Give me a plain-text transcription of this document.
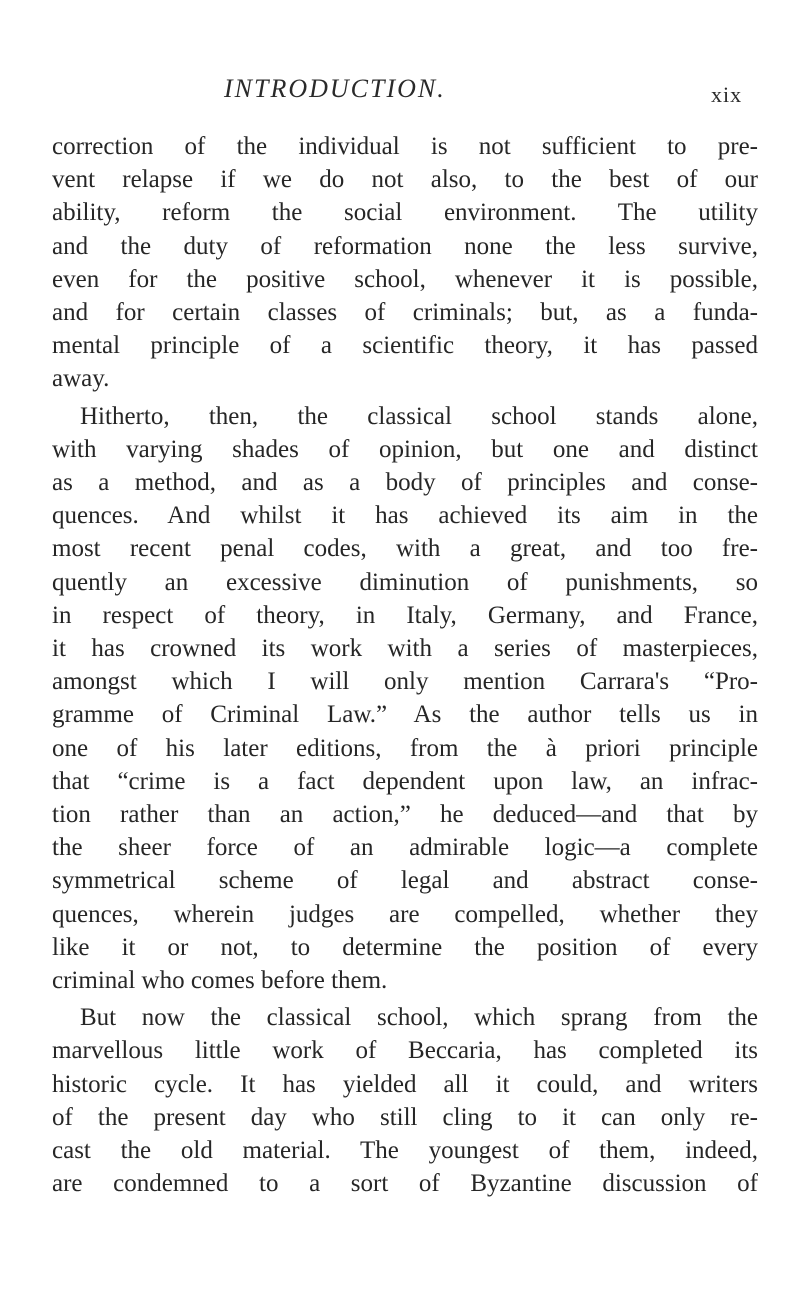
INTRODUCTION.	xix
correction of the individual is not sufficient to pre-
vent relapse if we do not also, to the best of our
ability, reform the social environment. The utility
and the duty of reformation none the less survive,
even for the positive school, whenever it is possible,
and for certain classes of criminals; but, as a funda-
mental principle of a scientific theory, it has passed
away.
Hitherto, then, the classical school stands alone,
with varying shades of opinion, but one and distinct
as a method, and as a body of principles and conse-
quences. And whilst it has achieved its aim in the
most recent penal codes, with a great, and too fre-
quently an excessive diminution of punishments, so
in respect of theory, in Italy, Germany, and France,
it has crowned its work with a series of masterpieces,
amongst which I will only mention Carrara's “Pro-
gramme of Criminal Law.” As the author tells us in
one of his later editions, from the à priori principle
that “crime is a fact dependent upon law, an infrac-
tion rather than an action,” he deduced—and that by
the sheer force of an admirable logic—a complete
symmetrical scheme of legal and abstract conse-
quences, wherein judges are compelled, whether they
like it or not, to determine the position of every
criminal who comes before them.
But now the classical school, which sprang from the
marvellous little work of Beccaria, has completed its
historic cycle. It has yielded all it could, and writers
of the present day who still cling to it can only re-
cast the old material. The youngest of them, indeed,
are condemned to a sort of Byzantine discussion of
